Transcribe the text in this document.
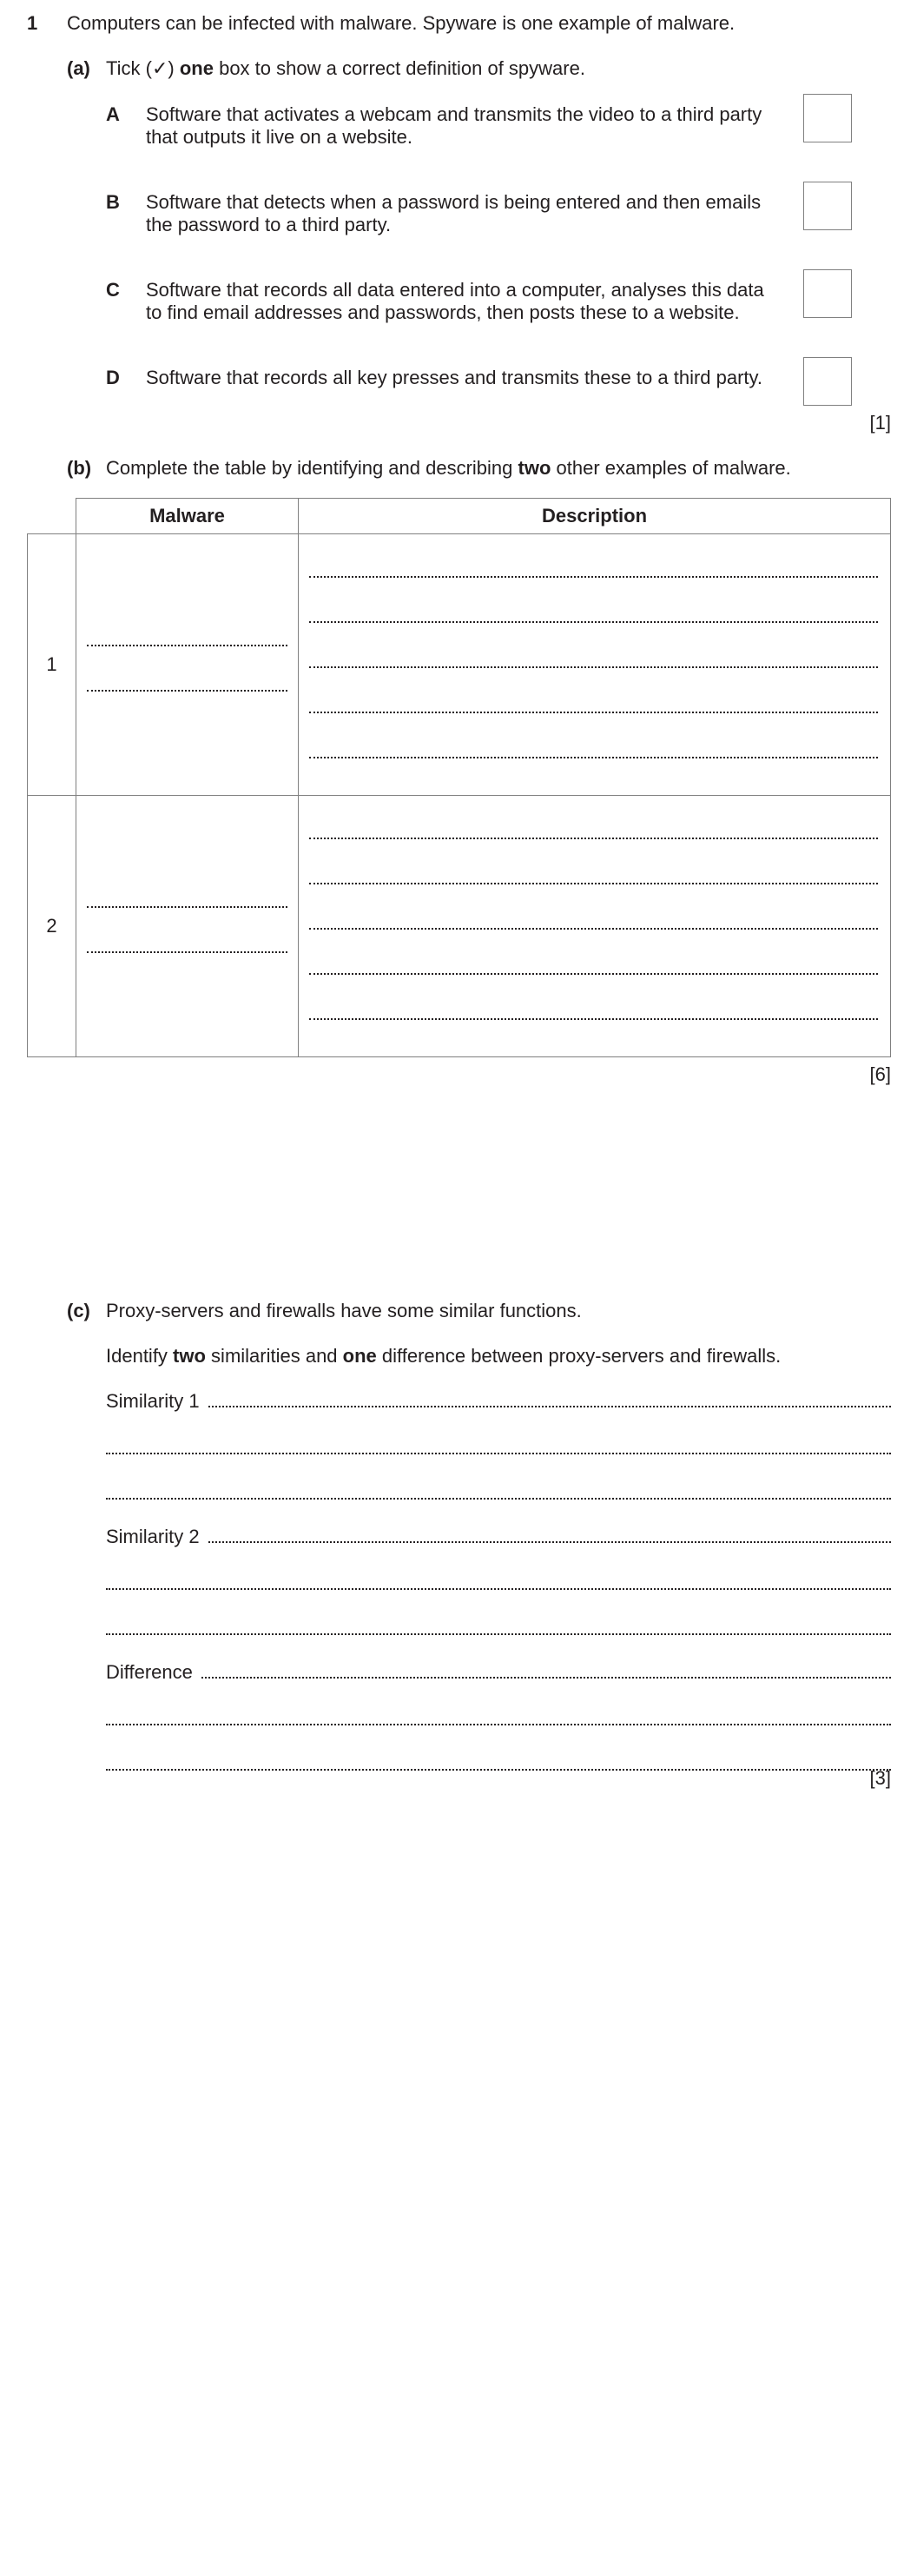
1 Computers can be infected with malware. Spyware is one example of malware.
(a) Tick (✓) one box to show a correct definition of spyware.
A Software that activates a webcam and transmits the video to a third party
that outputs it live on a website.
B Software that detects when a password is being entered and then emails
the password to a third party.
C Software that records all data entered into a computer, analyses this data
to find email addresses and passwords, then posts these to a website.
D Software that records all key presses and transmits these to a third party.
[1]
(b) Complete the table by identifying and describing two other examples of malware.
	Malware	Description
1	

2	

[6]
(c) Proxy-servers and firewalls have some similar functions.
Identify two similarities and one difference between proxy-servers and firewalls.
Similarity 1
Similarity 2
Difference
[3]
